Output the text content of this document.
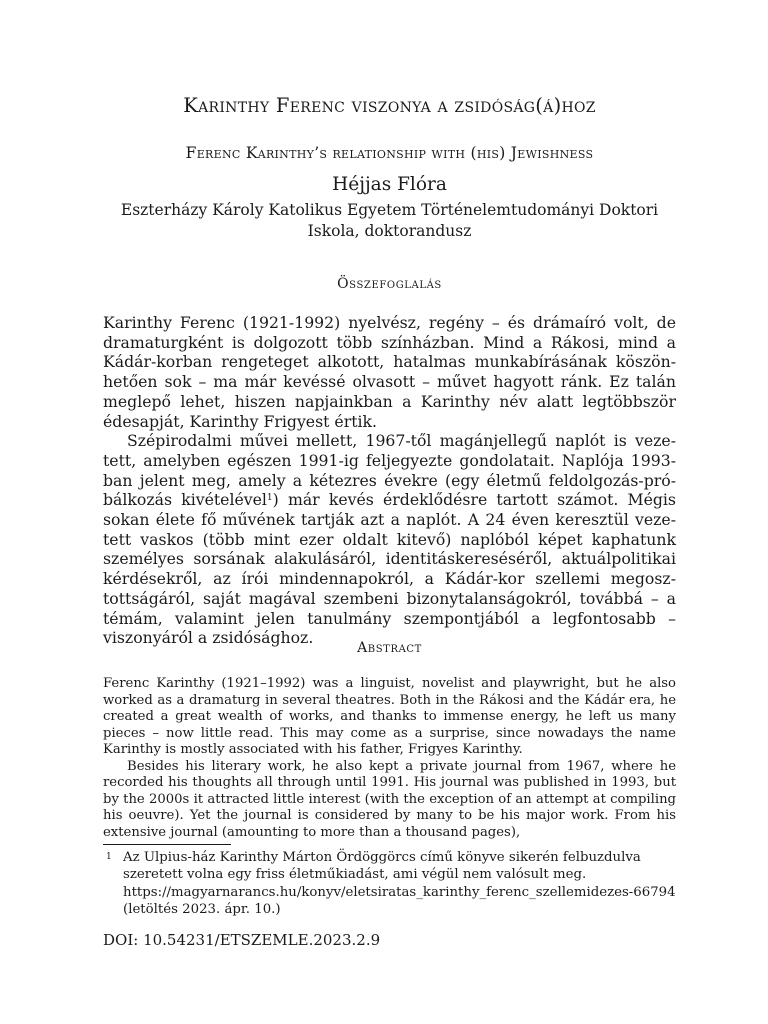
Karinthy Ferenc viszonya a zsidóság(á)hoz
Ferenc Karinthy’s relationship with (his) Jewishness

Héjjas Flóra

Eszterházy Károly Katolikus Egyetem Történelemtudományi Doktori Iskola, doktorandusz

Összefoglalás

Karinthy Ferenc (1921-1992) nyelvész, regény – és drámaíró volt, de dramaturgként is dolgozott több színházban. Mind a Rákosi, mind a Kádár-korban rengeteget alkotott, hatalmas munkabírásának köszönhetően sok – ma már kevéssé olvasott – művet hagyott ránk. Ez talán meglepő lehet, hiszen napjainkban a Karinthy név alatt legtöbbször édesapját, Karinthy Frigyest értik.

Szépirodalmi művei mellett, 1967-től magánjellegű naplót is vezetett, amelyben egészen 1991-ig feljegyezte gondolatait. Naplója 1993-ban jelent meg, amely a kétezres évekre (egy életmű feldolgozás-próbálkozás kivételével$^1$) már kevés érdeklődésre tartott számot. Mégis sokan élete fő művének tartják azt a naplót. A 24 éven keresztül vezetett vaskos (több mint ezer oldalt kitevő) naplóból képet kaphatunk személyes sorsának alakulásáról, identitáskereséséről, aktuálpolitikai kérdésekről, az írói mindennapokról, a Kádár-kor szellemi megosztottságáról, saját magával szembeni bizonytalanságokról, továbbá – a témám, valamint jelen tanulmány szempontjából a legfontosabb – viszonyáról a zsidósághoz.

Abstract

Ferenc Karinthy (1921–1992) was a linguist, novelist and playwright, but he also worked as a dramaturg in several theatres. Both in the Rákosi and the Kádár era, he created a great wealth of works, and thanks to immense energy, he left us many pieces – now little read. This may come as a surprise, since nowadays the name Karinthy is mostly associated with his father, Frigyes Karinthy.

Besides his literary work, he also kept a private journal from 1967, where he recorded his thoughts all through until 1991. His journal was published in 1993, but by the 2000s it attracted little interest (with the exception of an attempt at compiling his oeuvre). Yet the journal is considered by many to be his major work. From his extensive journal (amounting to more than a thousand pages),

1 Az Ulpius-ház Karinthy Márton Ördöggörcs című könyve sikerén felbuzdulva szeretett volna egy friss életműkiadást, ami végül nem valósult meg. https://magyarnarancs.hu/konyv/eletsiratas_karinthy_ferenc_szellemidezes-66794 (letöltés 2023. ápr. 10.)

DOI: 10.54231/ETSZEMLE.2023.2.9
